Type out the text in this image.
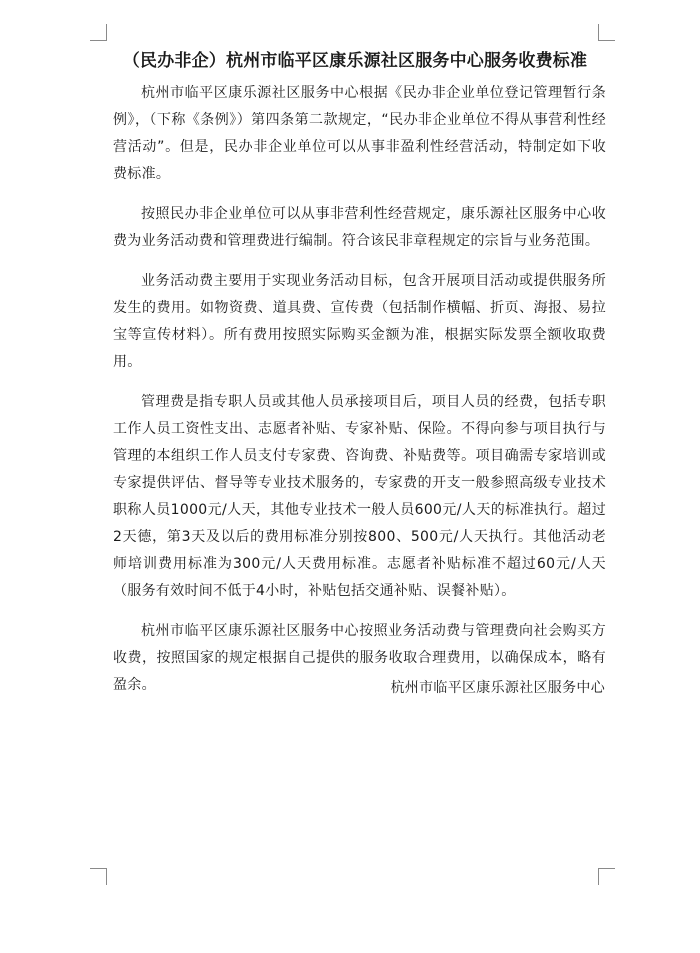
（民办非企）杭州市临平区康乐源社区服务中心服务收费标准

杭州市临平区康乐源社区服务中心根据《民办非企业单位登记管理暂行条例》，（下称《条例》）第四条第二款规定，“民办非企业单位不得从事营利性经营活动”。但是，民办非企业单位可以从事非盈利性经营活动，特制定如下收费标准。

按照民办非企业单位可以从事非营利性经营规定，康乐源社区服务中心收费为业务活动费和管理费进行编制。符合该民非章程规定的宗旨与业务范围。

业务活动费主要用于实现业务活动目标，包含开展项目活动或提供服务所发生的费用。如物资费、道具费、宣传费（包括制作横幅、折页、海报、易拉宝等宣传材料）。所有费用按照实际购买金额为准，根据实际发票全额收取费用。

管理费是指专职人员或其他人员承接项目后，项目人员的经费，包括专职工作人员工资性支出、志愿者补贴、专家补贴、保险。不得向参与项目执行与管理的本组织工作人员支付专家费、咨询费、补贴费等。项目确需专家培训或专家提供评估、督导等专业技术服务的，专家费的开支一般参照高级专业技术职称人员1000元/人天，其他专业技术一般人员600元/人天的标准执行。超过2天德，第3天及以后的费用标准分别按800、500元/人天执行。其他活动老师培训费用标准为300元/人天费用标准。志愿者补贴标准不超过60元/人天（服务有效时间不低于4小时，补贴包括交通补贴、误餐补贴）。

杭州市临平区康乐源社区服务中心按照业务活动费与管理费向社会购买方收费，按照国家的规定根据自己提供的服务收取合理费用，以确保成本，略有盈余。	杭州市临平区康乐源社区服务中心
